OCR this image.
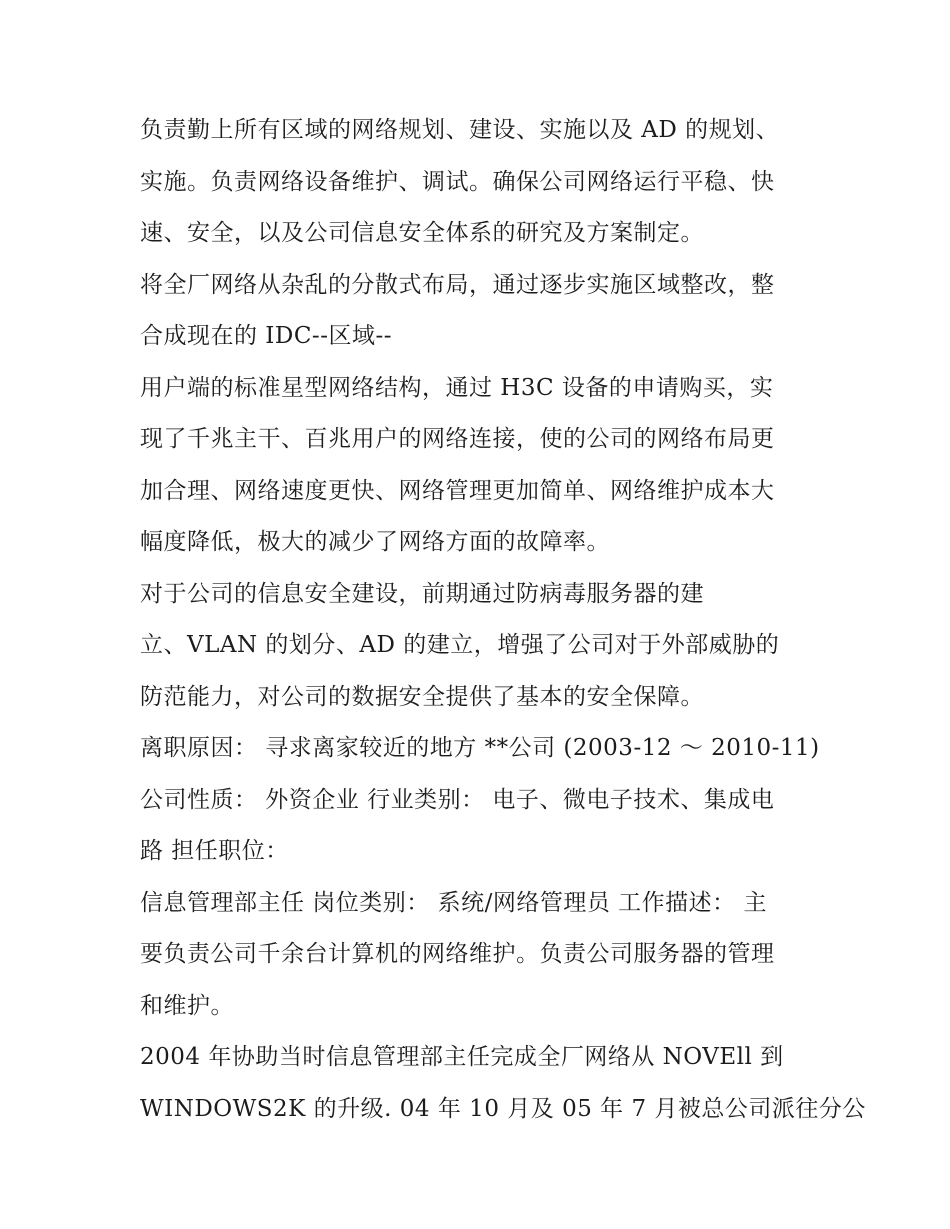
负责勤上所有区域的网络规划、建设、实施以及 AD 的规划、
实施。负责网络设备维护、调试。确保公司网络运行平稳、快
速、安全，以及公司信息安全体系的研究及方案制定。
将全厂网络从杂乱的分散式布局，通过逐步实施区域整改，整
合成现在的 IDC--区域--
用户端的标准星型网络结构，通过 H3C 设备的申请购买，实
现了千兆主干、百兆用户的网络连接，使的公司的网络布局更
加合理、网络速度更快、网络管理更加简单、网络维护成本大
幅度降低，极大的减少了网络方面的故障率。
对于公司的信息安全建设，前期通过防病毒服务器的建
立、VLAN 的划分、AD 的建立，增强了公司对于外部威胁的
防范能力，对公司的数据安全提供了基本的安全保障。
离职原因： 寻求离家较近的地方 **公司 (2003-12 ～ 2010-11)
公司性质： 外资企业 行业类别： 电子、微电子技术、集成电
路 担任职位：
信息管理部主任 岗位类别： 系统/网络管理员 工作描述： 主
要负责公司千余台计算机的网络维护。负责公司服务器的管理
和维护。
2004 年协助当时信息管理部主任完成全厂网络从 NOVEll 到
WINDOWS2K 的升级. 04 年 10 月及 05 年 7 月被总公司派往分公
